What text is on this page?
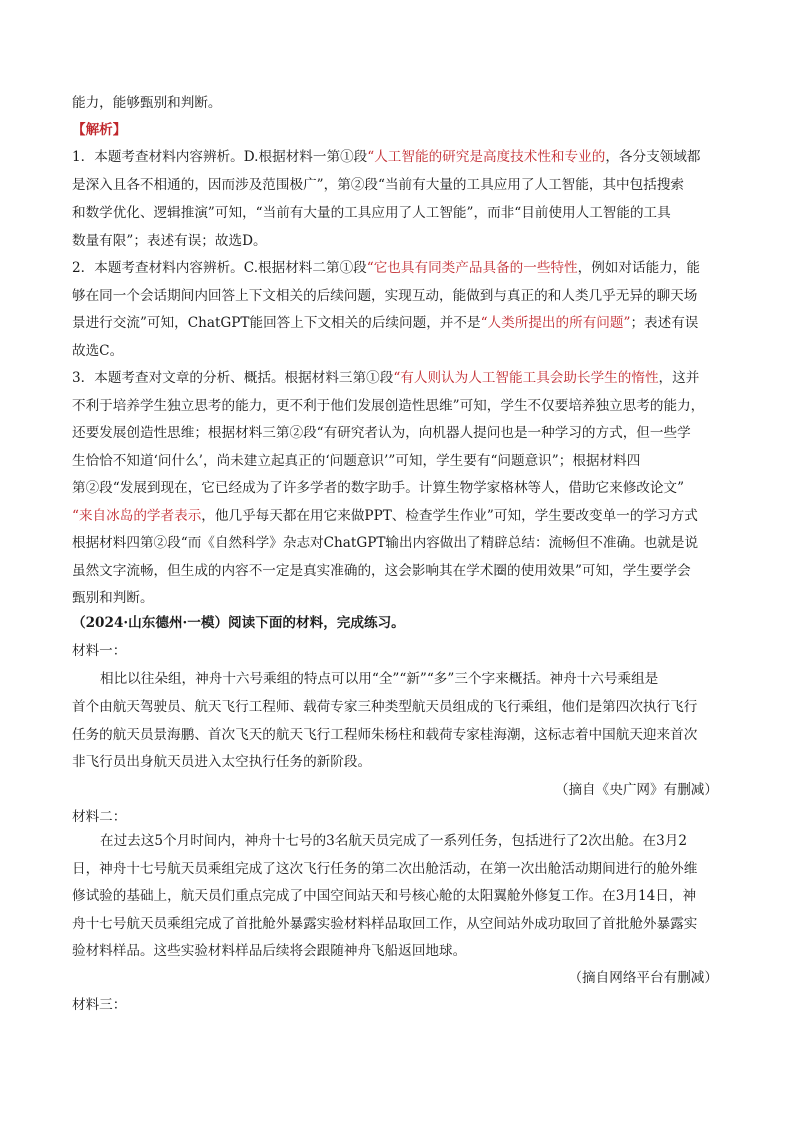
能力，能够甄别和判断。
【解析】
1．本题考查材料内容辨析。D.根据材料一第①段“人工智能的研究是高度技术性和专业的，各分支领域都
是深入且各不相通的，因而涉及范围极广”，第②段“当前有大量的工具应用了人工智能，其中包括搜索
和数学优化、逻辑推演”可知，“当前有大量的工具应用了人工智能”，而非“目前使用人工智能的工具
数量有限”；表述有误；故选D。
2．本题考查材料内容辨析。C.根据材料二第①段“它也具有同类产品具备的一些特性，例如对话能力，能
够在同一个会话期间内回答上下文相关的后续问题，实现互动，能做到与真正的和人类几乎无异的聊天场
景进行交流”可知，ChatGPT能回答上下文相关的后续问题，并不是“人类所提出的所有问题”；表述有误
故选C。
3．本题考查对文章的分析、概括。根据材料三第①段“有人则认为人工智能工具会助长学生的惰性，这并
不利于培养学生独立思考的能力，更不利于他们发展创造性思维”可知，学生不仅要培养独立思考的能力，
还要发展创造性思维；根据材料三第②段“有研究者认为，向机器人提问也是一种学习的方式，但一些学
生恰恰不知道‘问什么’，尚未建立起真正的‘问题意识’”可知，学生要有“问题意识”；根据材料四
第②段“发展到现在，它已经成为了许多学者的数字助手。计算生物学家格林等人，借助它来修改论文”
“来自冰岛的学者表示，他几乎每天都在用它来做PPT、检查学生作业”可知，学生要改变单一的学习方式
根据材料四第②段“而《自然科学》杂志对ChatGPT输出内容做出了精辟总结：流畅但不准确。也就是说
虽然文字流畅，但生成的内容不一定是真实准确的，这会影响其在学术圈的使用效果”可知，学生要学会
甄别和判断。
（2024·山东德州·一模）阅读下面的材料，完成练习。
材料一：
相比以往朵组，神舟十六号乘组的特点可以用“全”“新”“多”三个字来概括。神舟十六号乘组是
首个由航天驾驶员、航天飞行工程师、载荷专家三种类型航天员组成的飞行乘组，他们是第四次执行飞行
任务的航天员景海鹏、首次飞天的航天飞行工程师朱杨柱和载荷专家桂海潮，这标志着中国航天迎来首次
非飞行员出身航天员进入太空执行任务的新阶段。
（摘自《央广网》有删减）
材料二：
在过去这5个月时间内，神舟十七号的3名航天员完成了一系列任务，包括进行了2次出舱。在3月2
日，神舟十七号航天员乘组完成了这次飞行任务的第二次出舱活动，在第一次出舱活动期间进行的舱外维
修试验的基础上，航天员们重点完成了中国空间站天和号核心舱的太阳翼舱外修复工作。在3月14日，神
舟十七号航天员乘组完成了首批舱外暴露实验材料样品取回工作，从空间站外成功取回了首批舱外暴露实
验材料样品。这些实验材料样品后续将会跟随神舟飞船返回地球。
（摘自网络平台有删减）
材料三：
